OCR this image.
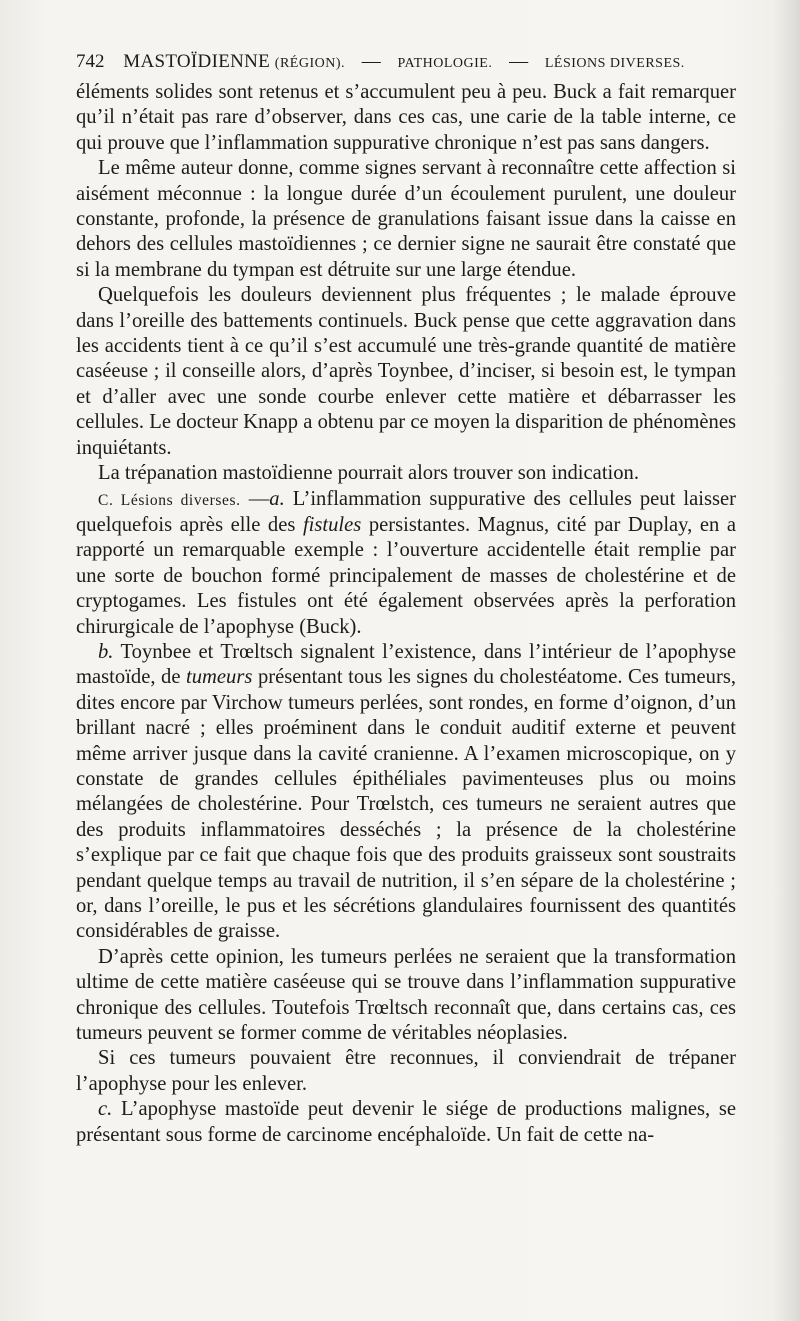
742 MASTOÏDIENNE (RÉGION). — PATHOLOGIE. — LÉSIONS DIVERSES.

éléments solides sont retenus et s’accumulent peu à peu. Buck a fait remarquer qu’il n’était pas rare d’observer, dans ces cas, une carie de la table interne, ce qui prouve que l’inflammation suppurative chronique n’est pas sans dangers.

Le même auteur donne, comme signes servant à reconnaître cette affection si aisément méconnue : la longue durée d’un écoulement purulent, une douleur constante, profonde, la présence de granulations faisant issue dans la caisse en dehors des cellules mastoïdiennes ; ce dernier signe ne saurait être constaté que si la membrane du tympan est détruite sur une large étendue.

Quelquefois les douleurs deviennent plus fréquentes ; le malade éprouve dans l’oreille des battements continuels. Buck pense que cette aggravation dans les accidents tient à ce qu’il s’est accumulé une très-grande quantité de matière caséeuse ; il conseille alors, d’après Toynbee, d’inciser, si besoin est, le tympan et d’aller avec une sonde courbe enlever cette matière et débarrasser les cellules. Le docteur Knapp a obtenu par ce moyen la disparition de phénomènes inquiétants.

La trépanation mastoïdienne pourrait alors trouver son indication.

C. Lésions diverses. —a. L’inflammation suppurative des cellules peut laisser quelquefois après elle des fistules persistantes. Magnus, cité par Duplay, en a rapporté un remarquable exemple : l’ouverture accidentelle était remplie par une sorte de bouchon formé principalement de masses de cholestérine et de cryptogames. Les fistules ont été également observées après la perforation chirurgicale de l’apophyse (Buck).

b. Toynbee et Trœltsch signalent l’existence, dans l’intérieur de l’apophyse mastoïde, de tumeurs présentant tous les signes du cholestéatome. Ces tumeurs, dites encore par Virchow tumeurs perlées, sont rondes, en forme d’oignon, d’un brillant nacré ; elles proéminent dans le conduit auditif externe et peuvent même arriver jusque dans la cavité cranienne. A l’examen microscopique, on y constate de grandes cellules épithéliales pavimenteuses plus ou moins mélangées de cholestérine. Pour Trœlstch, ces tumeurs ne seraient autres que des produits inflammatoires desséchés ; la présence de la cholestérine s’explique par ce fait que chaque fois que des produits graisseux sont soustraits pendant quelque temps au travail de nutrition, il s’en sépare de la cholestérine ; or, dans l’oreille, le pus et les sécrétions glandulaires fournissent des quantités considérables de graisse.

D’après cette opinion, les tumeurs perlées ne seraient que la transformation ultime de cette matière caséeuse qui se trouve dans l’inflammation suppurative chronique des cellules. Toutefois Trœltsch reconnaît que, dans certains cas, ces tumeurs peuvent se former comme de véritables néoplasies.

Si ces tumeurs pouvaient être reconnues, il conviendrait de trépaner l’apophyse pour les enlever.

c. L’apophyse mastoïde peut devenir le siége de productions malignes, se présentant sous forme de carcinome encéphaloïde. Un fait de cette na-
